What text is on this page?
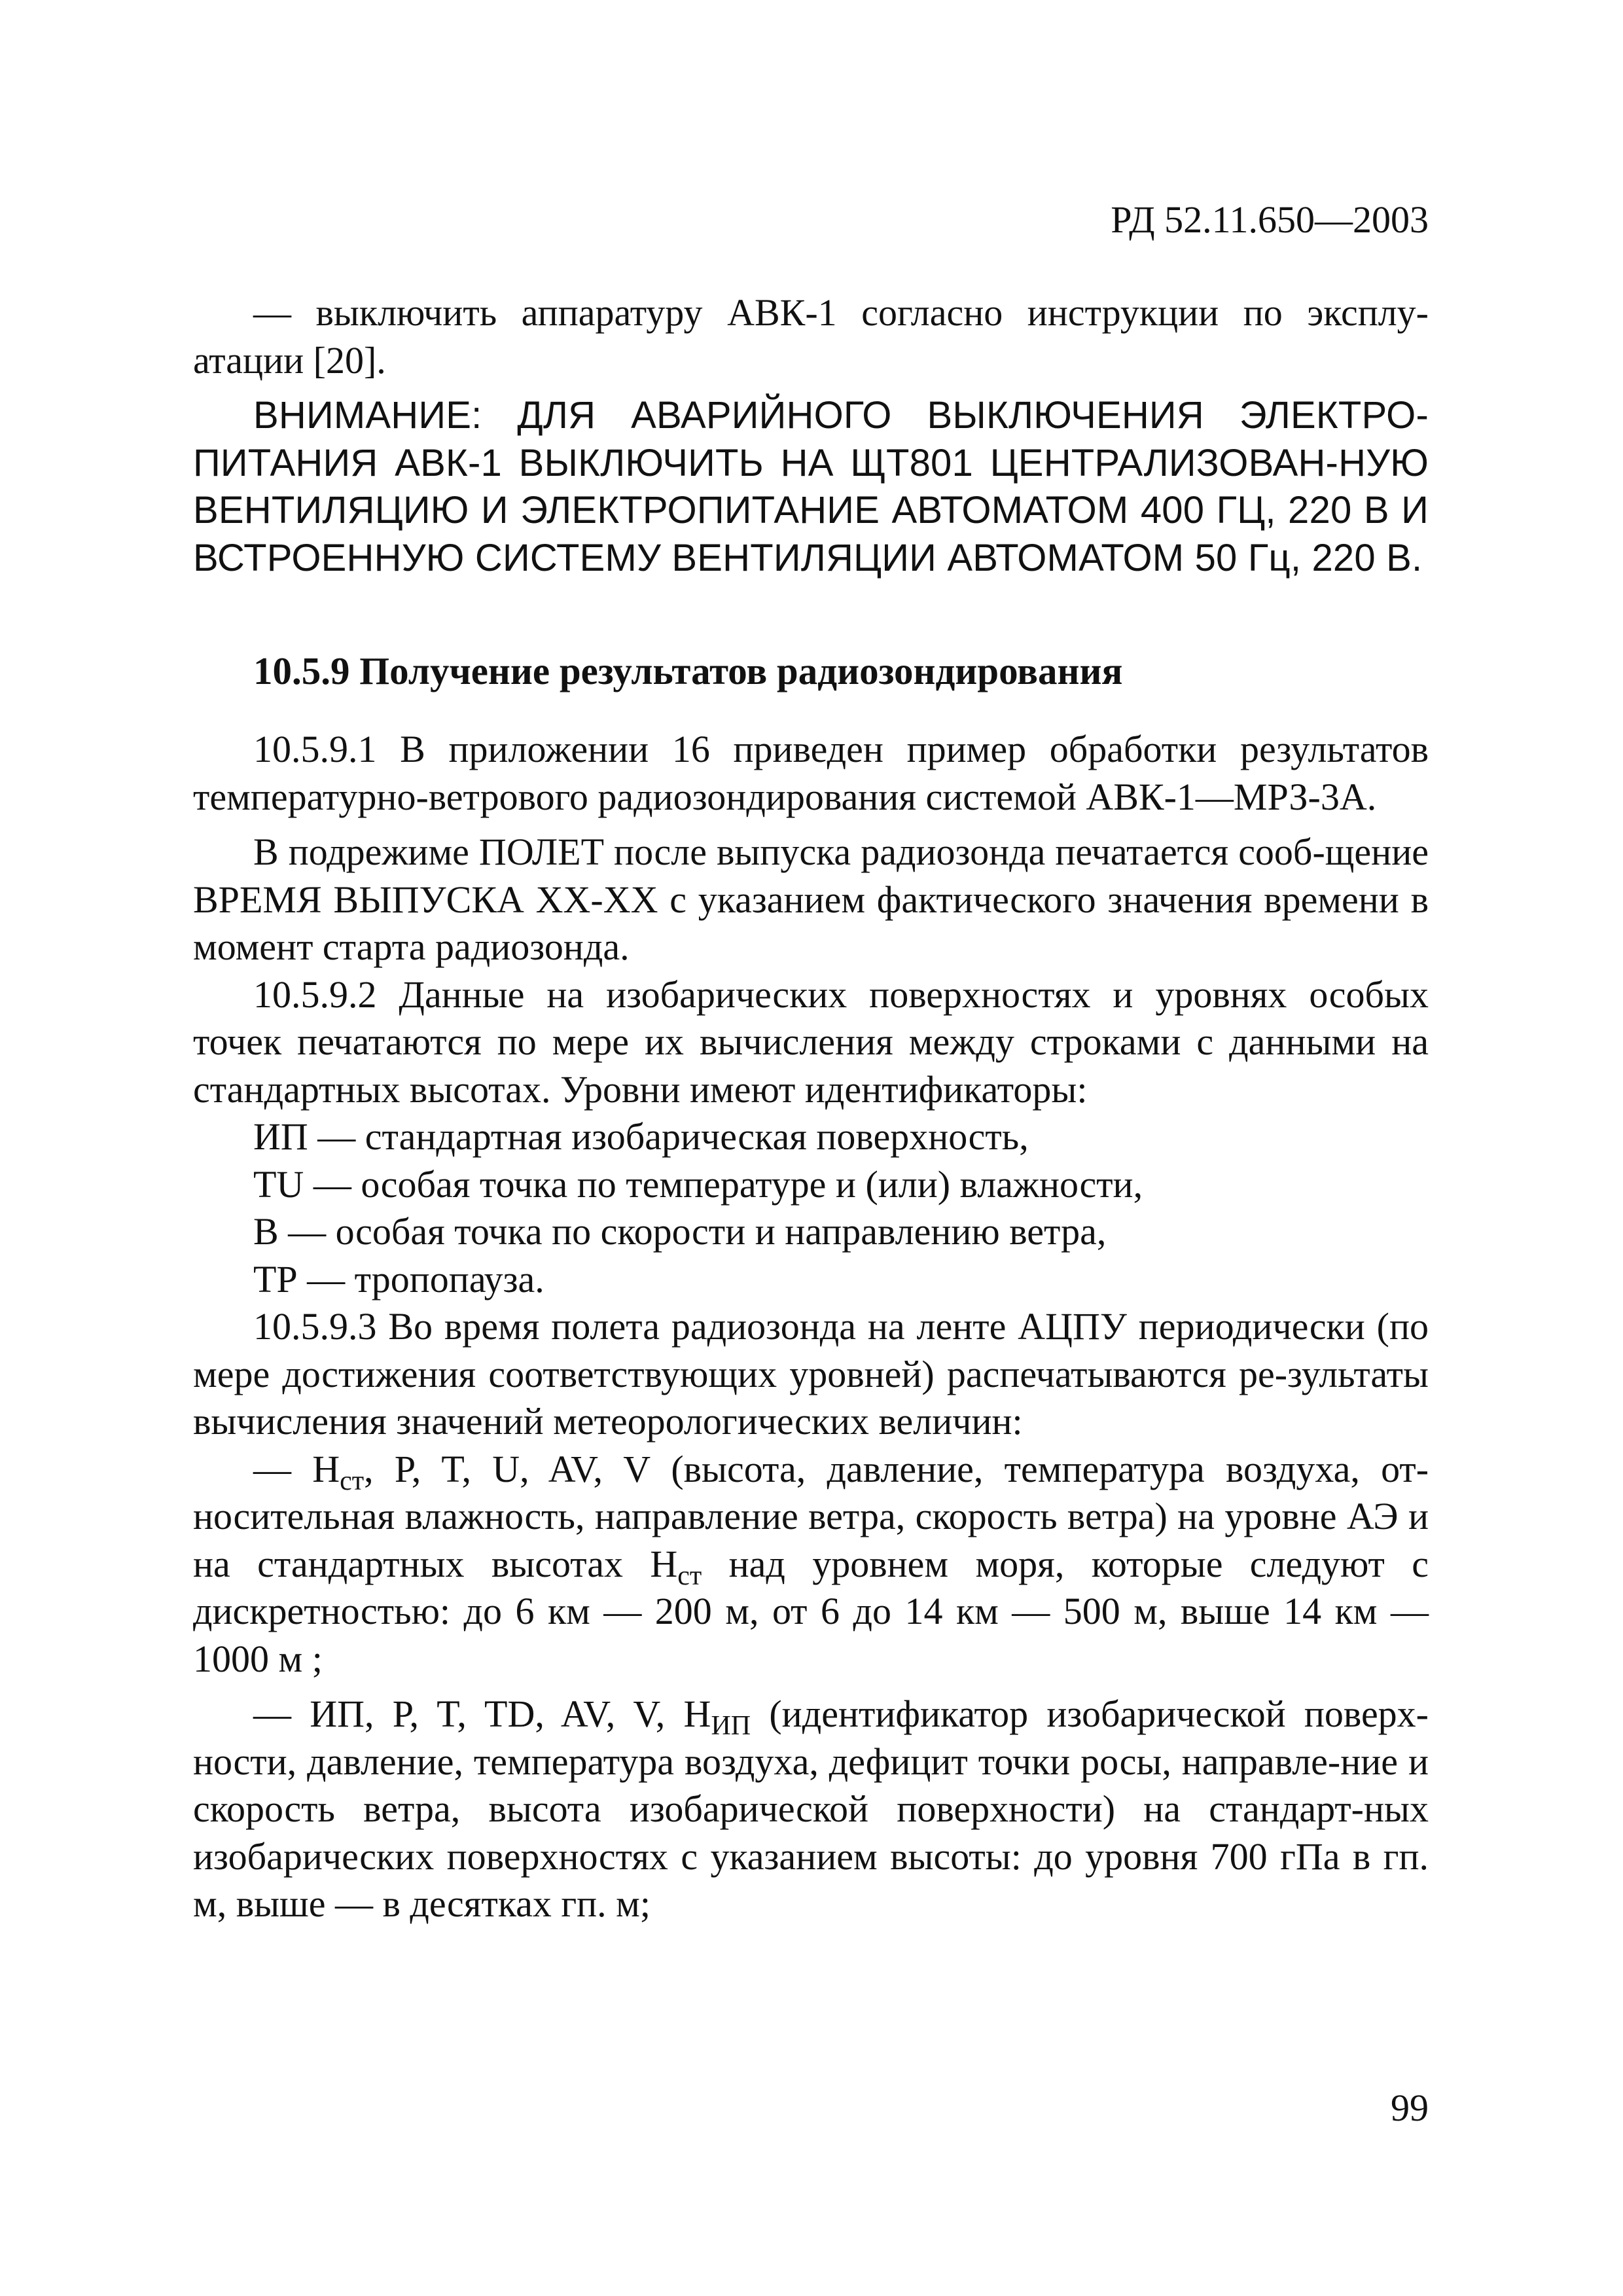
РД 52.11.650—2003

— выключить аппаратуру АВК-1 согласно инструкции по эксплу-атации [20].

ВНИМАНИЕ: ДЛЯ АВАРИЙНОГО ВЫКЛЮЧЕНИЯ ЭЛЕКТРО-ПИТАНИЯ АВК-1 ВЫКЛЮЧИТЬ НА ЩТ801 ЦЕНТРАЛИЗОВАН-НУЮ ВЕНТИЛЯЦИЮ И ЭЛЕКТРОПИТАНИЕ АВТОМАТОМ 400 ГЦ, 220 В И ВСТРОЕННУЮ СИСТЕМУ ВЕНТИЛЯЦИИ АВТОМАТОМ 50 Гц, 220 В.

10.5.9 Получение результатов радиозондирования

10.5.9.1 В приложении 16 приведен пример обработки результатов температурно-ветрового радиозондирования системой АВК-1—МРЗ-3А.

В подрежиме ПОЛЕТ после выпуска радиозонда печатается сооб-щение ВРЕМЯ ВЫПУСКА ХХ-ХХ с указанием фактического значения времени в момент старта радиозонда.

10.5.9.2 Данные на изобарических поверхностях и уровнях особых точек печатаются по мере их вычисления между строками с данными на стандартных высотах. Уровни имеют идентификаторы:

ИП — стандартная изобарическая поверхность,

TU — особая точка по температуре и (или) влажности,

В — особая точка по скорости и направлению ветра,

ТР — тропопауза.

10.5.9.3 Во время полета радиозонда на ленте АЦПУ периодически (по мере достижения соответствующих уровней) распечатываются ре-зультаты вычисления значений метеорологических величин:

— $H_{ст}$, P, T, U, AV, V (высота, давление, температура воздуха, от-носительная влажность, направление ветра, скорость ветра) на уровне АЭ и на стандартных высотах $H_{ст}$ над уровнем моря, которые следуют с дискретностью: до 6 км — 200 м, от 6 до 14 км — 500 м, выше 14 км — 1000 м ;

— ИП, P, T, TD, AV, V, $H_{ИП}$ (идентификатор изобарической поверх-ности, давление, температура воздуха, дефицит точки росы, направле-ние и скорость ветра, высота изобарической поверхности) на стандарт-ных изобарических поверхностях с указанием высоты: до уровня 700 гПа в гп. м, выше — в десятках гп. м;

99
